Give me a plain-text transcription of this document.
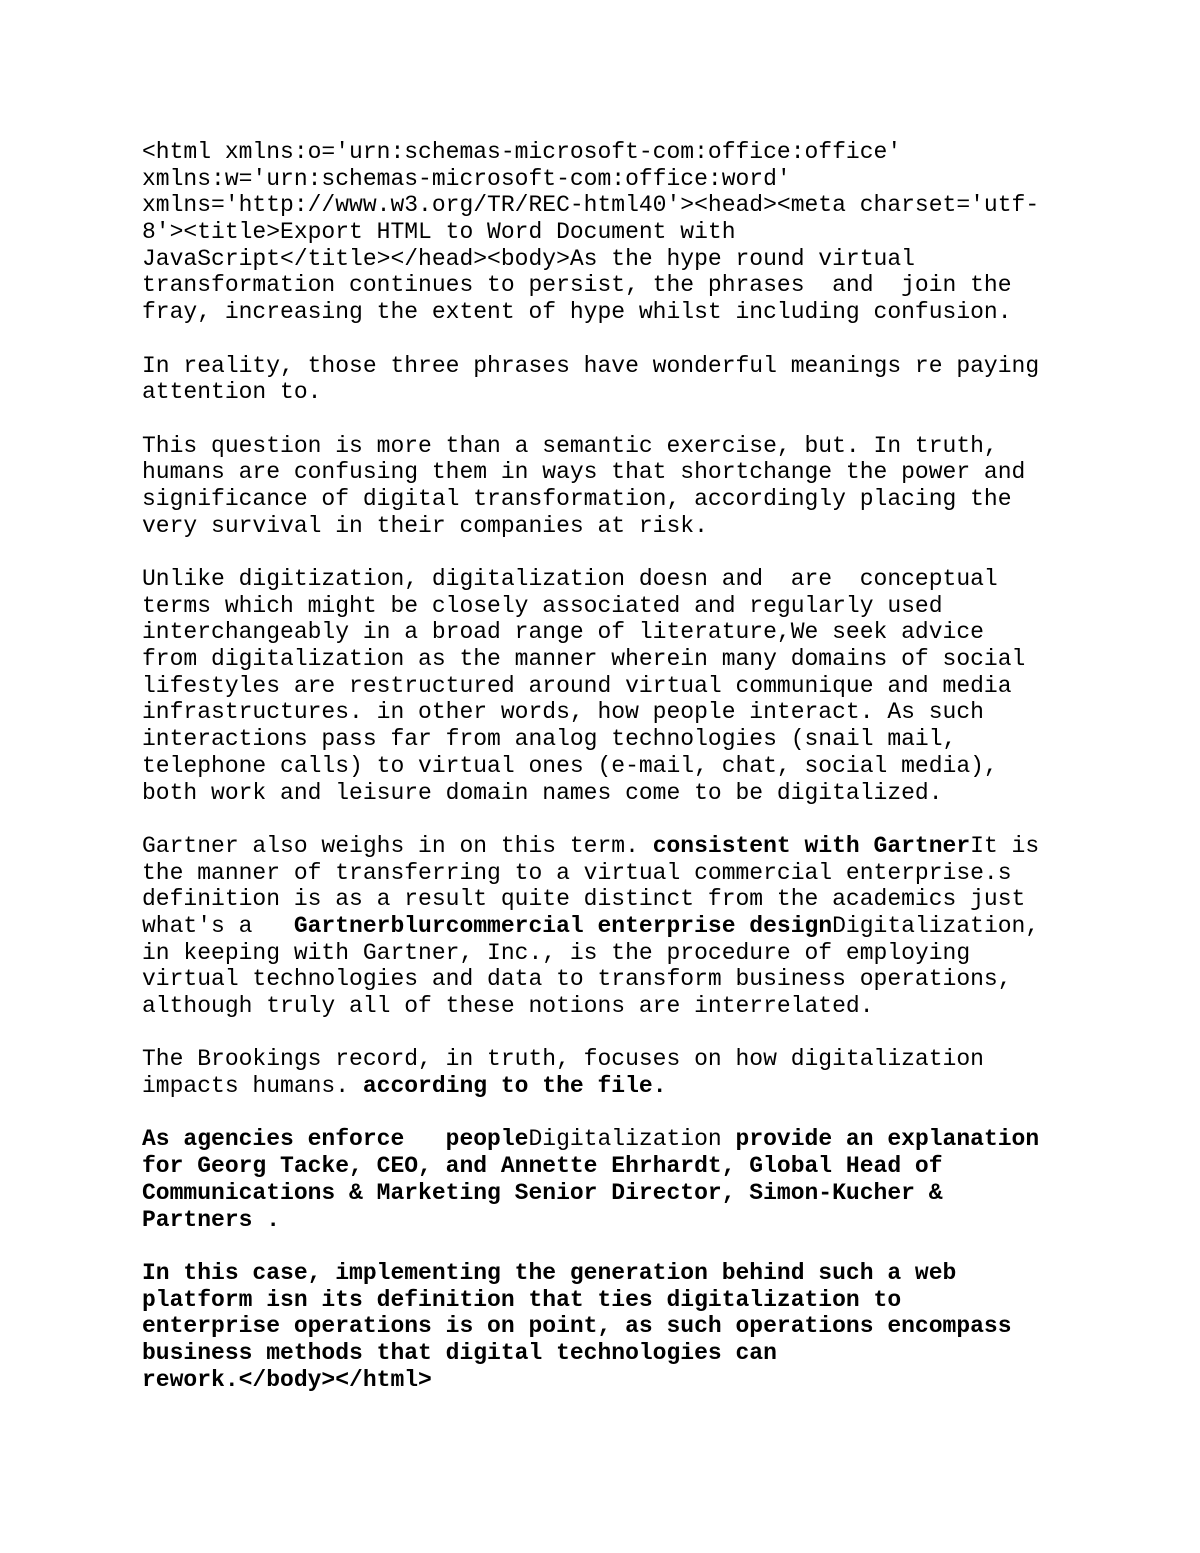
<html xmlns:o='urn:schemas-microsoft-com:office:office'
xmlns:w='urn:schemas-microsoft-com:office:word'
xmlns='http://www.w3.org/TR/REC-html40'><head><meta charset='utf-
8'><title>Export HTML to Word Document with
JavaScript</title></head><body>As the hype round virtual
transformation continues to persist, the phrases  and  join the
fray, increasing the extent of hype whilst including confusion.
In reality, those three phrases have wonderful meanings re paying
attention to.
This question is more than a semantic exercise, but. In truth,
humans are confusing them in ways that shortchange the power and
significance of digital transformation, accordingly placing the
very survival in their companies at risk.
Unlike digitization, digitalization doesn and  are  conceptual
terms which might be closely associated and regularly used
interchangeably in a broad range of literature,We seek advice
from digitalization as the manner wherein many domains of social
lifestyles are restructured around virtual communique and media
infrastructures. in other words, how people interact. As such
interactions pass far from analog technologies (snail mail,
telephone calls) to virtual ones (e-mail, chat, social media),
both work and leisure domain names come to be digitalized.
Gartner also weighs in on this term. consistent with GartnerIt is
the manner of transferring to a virtual commercial enterprise.s
definition is as a result quite distinct from the academics just
what's a   Gartnerblurcommercial enterprise designDigitalization,
in keeping with Gartner, Inc., is the procedure of employing
virtual technologies and data to transform business operations,
although truly all of these notions are interrelated.
The Brookings record, in truth, focuses on how digitalization
impacts humans. according to the file.
As agencies enforce   peopleDigitalization provide an explanation
for Georg Tacke, CEO, and Annette Ehrhardt, Global Head of
Communications & Marketing Senior Director, Simon-Kucher &
Partners .
In this case, implementing the generation behind such a web
platform isn its definition that ties digitalization to
enterprise operations is on point, as such operations encompass
business methods that digital technologies can
rework.</body></html>
